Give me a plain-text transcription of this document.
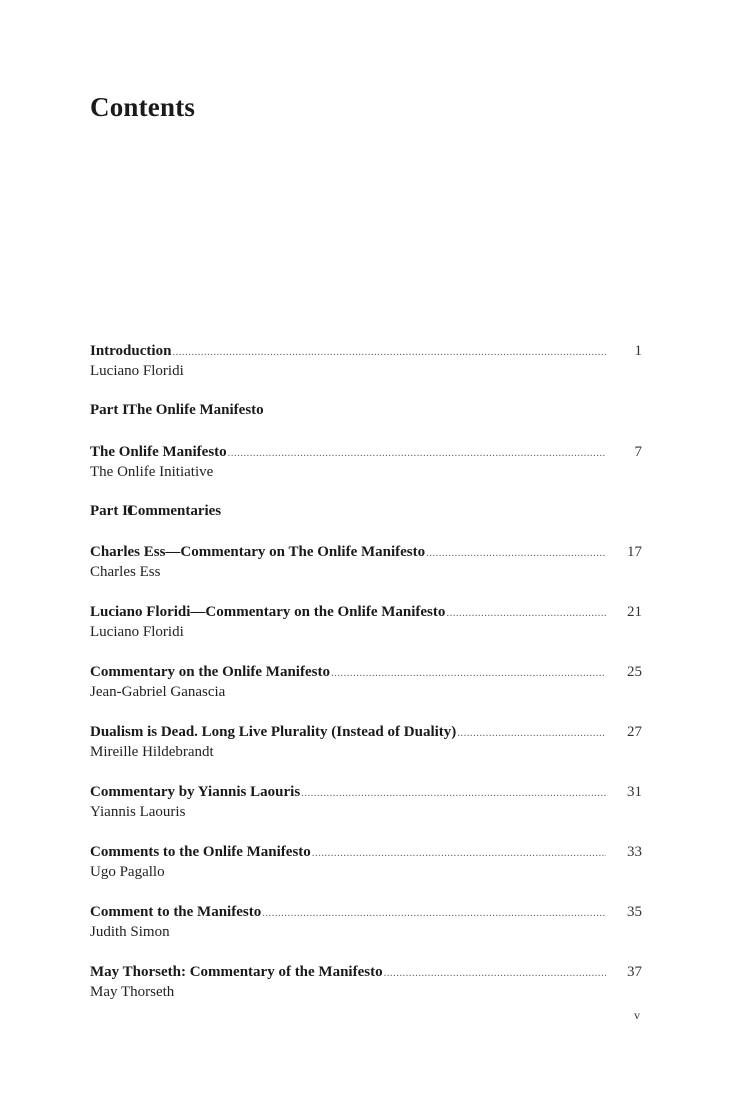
Contents
Introduction .....	1
Luciano Floridi
Part IThe Onlife Manifesto
The Onlife Manifesto .....	7
The Onlife Initiative
Part IICommentaries
Charles Ess—Commentary on The Onlife Manifesto .....	17
Charles Ess
Luciano Floridi—Commentary on the Onlife Manifesto .....	21
Luciano Floridi
Commentary on the Onlife Manifesto .....	25
Jean-Gabriel Ganascia
Dualism is Dead. Long Live Plurality (Instead of Duality) .....	27
Mireille Hildebrandt
Commentary by Yiannis Laouris .....	31
Yiannis Laouris
Comments to the Onlife Manifesto .....	33
Ugo Pagallo
Comment to the Manifesto .....	35
Judith Simon
May Thorseth: Commentary of the Manifesto .....	37
May Thorseth
v
